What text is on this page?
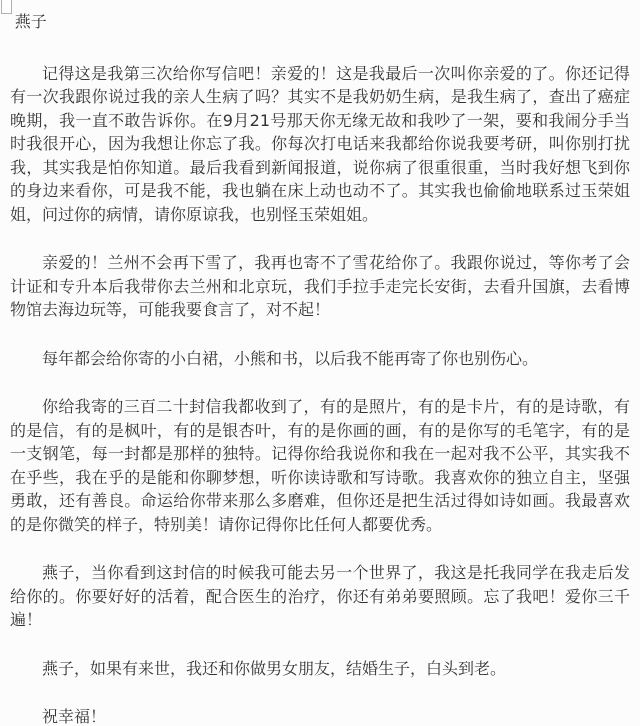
燕子

记得这是我第三次给你写信吧！亲爱的！这是我最后一次叫你亲爱的了。你还记得有一次我跟你说过我的亲人生病了吗？其实不是我奶奶生病，是我生病了，查出了癌症晚期，我一直不敢告诉你。在9月21号那天你无缘无故和我吵了一架，要和我闹分手当时我很开心，因为我想让你忘了我。你每次打电话来我都给你说我要考研，叫你别打扰我，其实我是怕你知道。最后我看到新闻报道，说你病了很重很重，当时我好想飞到你的身边来看你，可是我不能，我也躺在床上动也动不了。其实我也偷偷地联系过玉荣姐姐，问过你的病情，请你原谅我，也别怪玉荣姐姐。

亲爱的！兰州不会再下雪了，我再也寄不了雪花给你了。我跟你说过，等你考了会计证和专升本后我带你去兰州和北京玩，我们手拉手走完长安街，去看升国旗，去看博物馆去海边玩等，可能我要食言了，对不起！

每年都会给你寄的小白裙，小熊和书，以后我不能再寄了你也别伤心。

你给我寄的三百二十封信我都收到了，有的是照片，有的是卡片，有的是诗歌，有的是信，有的是枫叶，有的是银杏叶，有的是你画的画，有的是你写的毛笔字，有的是一支钢笔，每一封都是那样的独特。记得你给我说你和我在一起对我不公平，其实我不在乎些，我在乎的是能和你聊梦想，听你读诗歌和写诗歌。我喜欢你的独立自主，坚强勇敢，还有善良。命运给你带来那么多磨难，但你还是把生活过得如诗如画。我最喜欢的是你微笑的样子，特别美！请你记得你比任何人都要优秀。

燕子，当你看到这封信的时候我可能去另一个世界了，我这是托我同学在我走后发给你的。你要好好的活着，配合医生的治疗，你还有弟弟要照顾。忘了我吧！爱你三千遍！

燕子，如果有来世，我还和你做男女朋友，结婚生子，白头到老。

祝幸福！
